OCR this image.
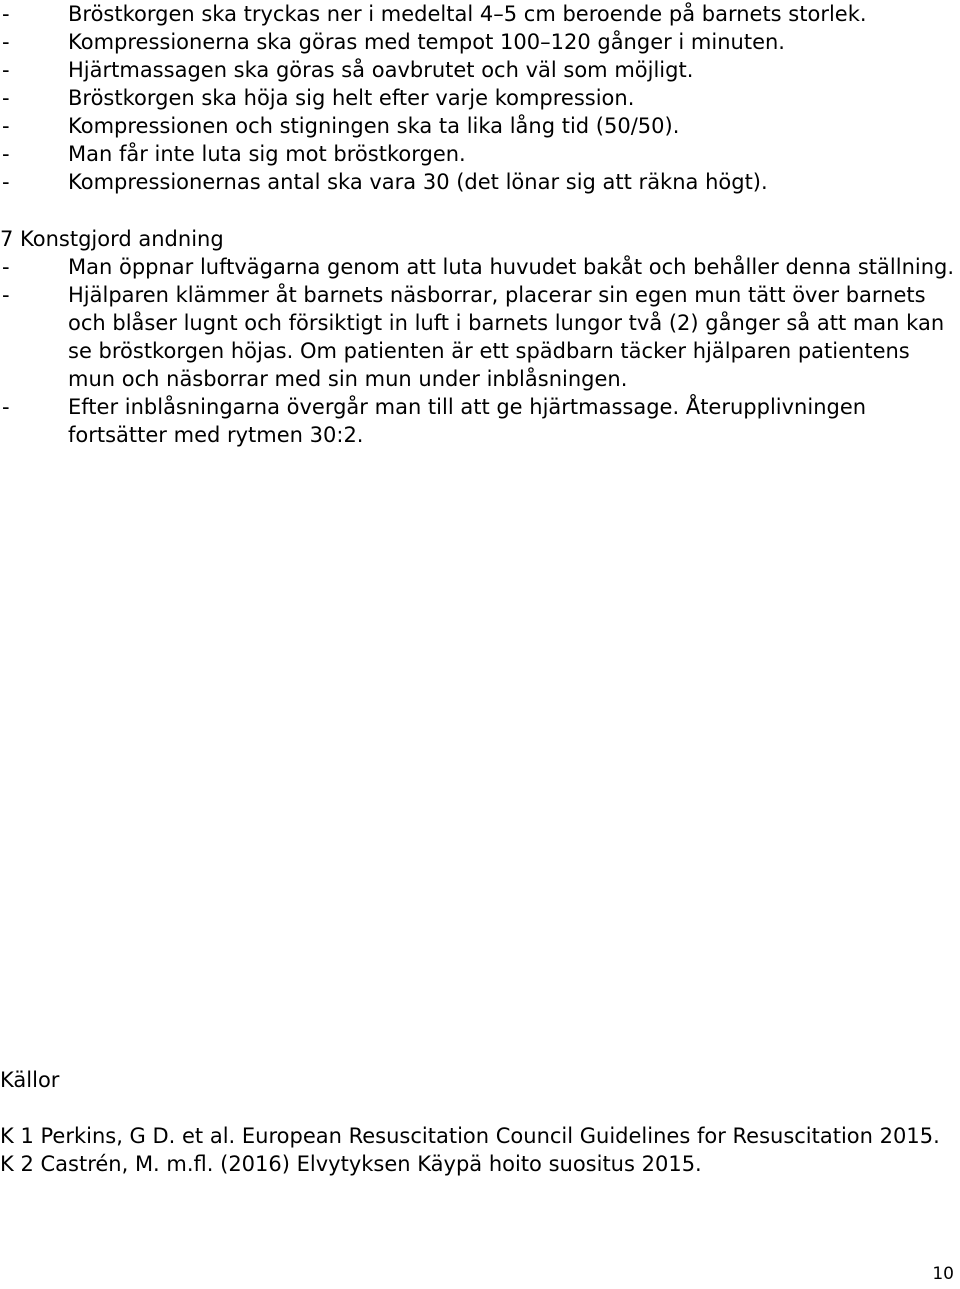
-	Bröstkorgen ska tryckas ner i medeltal 4–5 cm beroende på barnets storlek.
-	Kompressionerna ska göras med tempot 100–120 gånger i minuten.
-	Hjärtmassagen ska göras så oavbrutet och väl som möjligt.
-	Bröstkorgen ska höja sig helt efter varje kompression.
-	Kompressionen och stigningen ska ta lika lång tid (50/50).
-	Man får inte luta sig mot bröstkorgen.
-	Kompressionernas antal ska vara 30 (det lönar sig att räkna högt).
7 Konstgjord andning
-	Man öppnar luftvägarna genom att luta huvudet bakåt och behåller denna ställning.
-	Hjälparen klämmer åt barnets näsborrar, placerar sin egen mun tätt över barnets och blåser lugnt och försiktigt in luft i barnets lungor två (2) gånger så att man kan se bröstkorgen höjas. Om patienten är ett spädbarn täcker hjälparen patientens mun och näsborrar med sin mun under inblåsningen.
-	Efter inblåsningarna övergår man till att ge hjärtmassage. Återupplivningen fortsätter med rytmen 30:2.
Källor

K 1 Perkins, G D. et al. European Resuscitation Council Guidelines for Resuscitation 2015.

K 2 Castrén, M. m.fl. (2016) Elvytyksen Käypä hoito suositus 2015.

10
